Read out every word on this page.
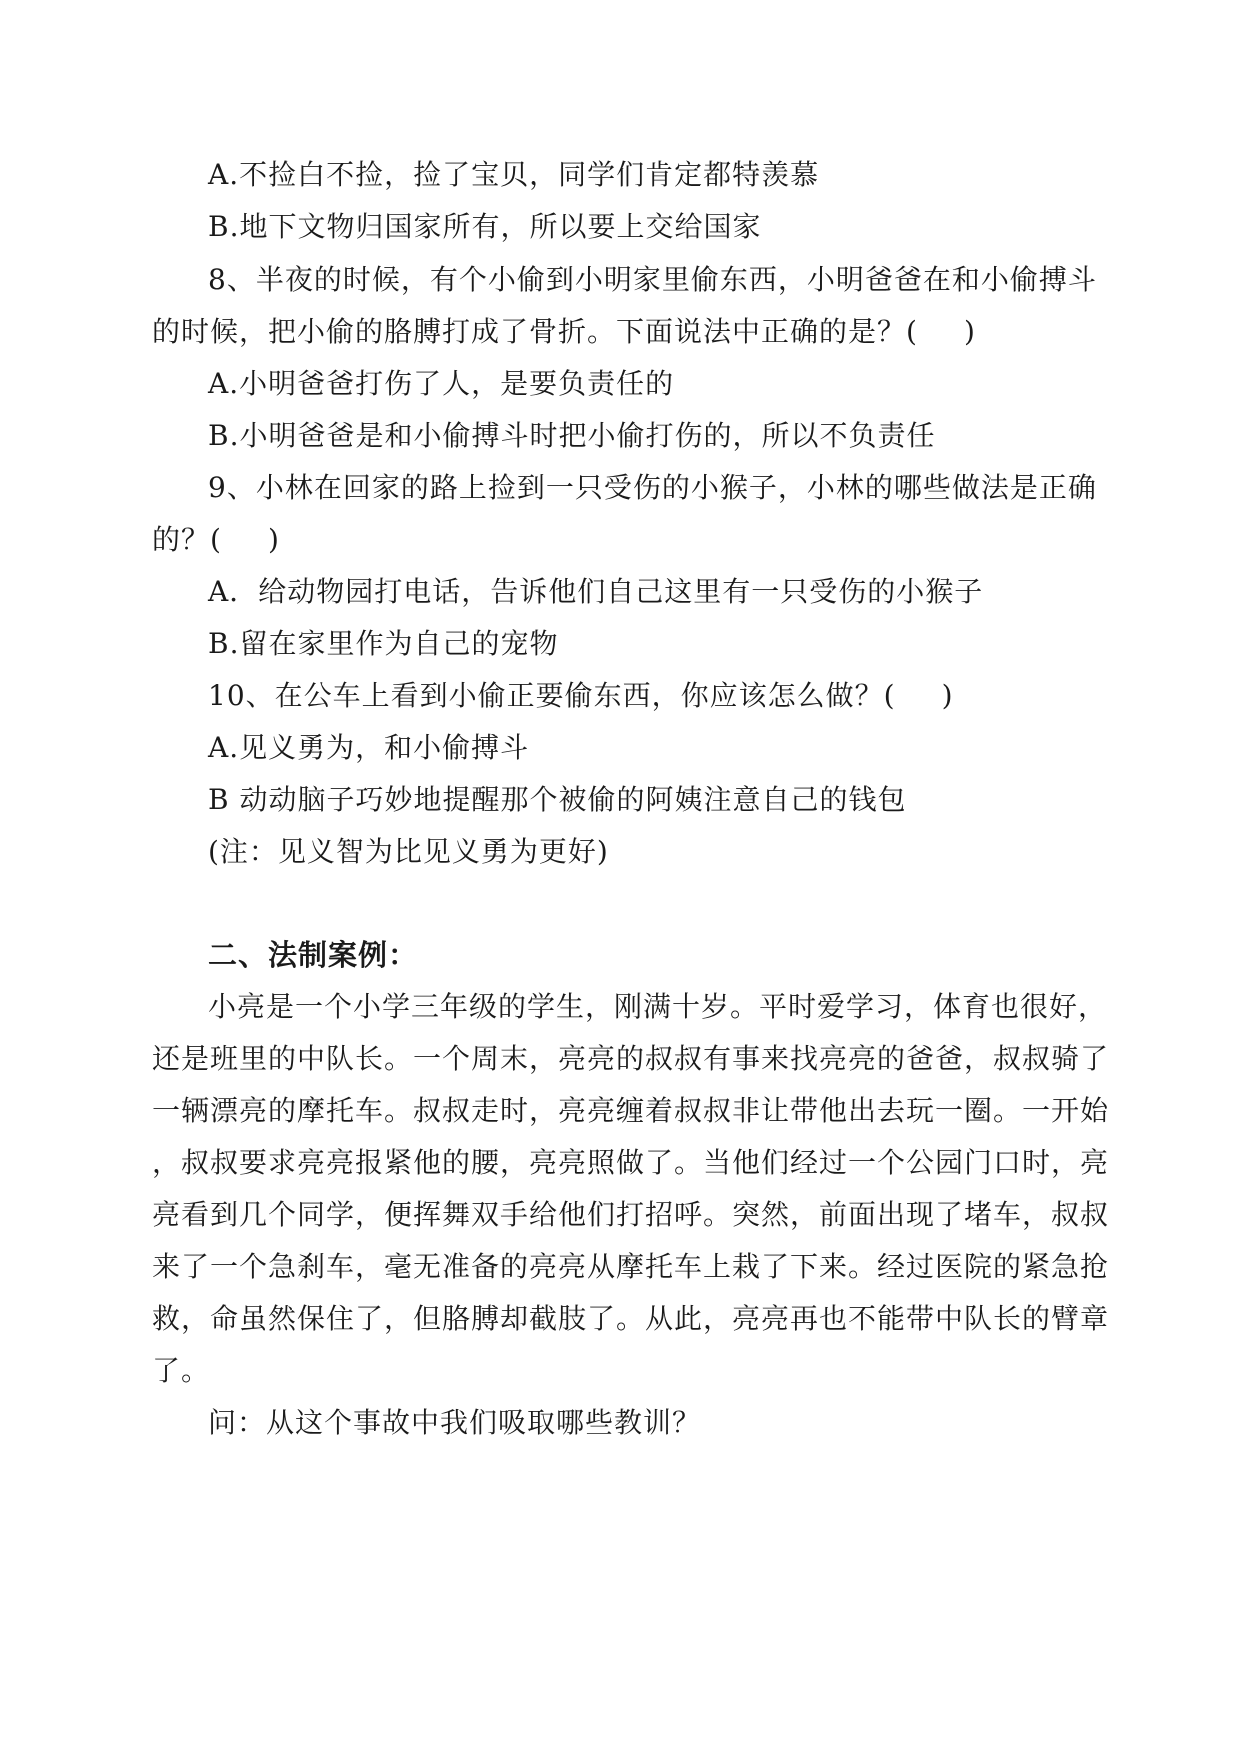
A.不捡白不捡，捡了宝贝，同学们肯定都特羡慕
B.地下文物归国家所有，所以要上交给国家
8、半夜的时候，有个小偷到小明家里偷东西，小明爸爸在和小偷搏斗
的时候，把小偷的胳膊打成了骨折。下面说法中正确的是？( )
A.小明爸爸打伤了人，是要负责任的
B.小明爸爸是和小偷搏斗时把小偷打伤的，所以不负责任
9、小林在回家的路上捡到一只受伤的小猴子，小林的哪些做法是正确
的？( )
A．给动物园打电话，告诉他们自己这里有一只受伤的小猴子
B.留在家里作为自己的宠物
10、在公车上看到小偷正要偷东西，你应该怎么做？( )
A.见义勇为，和小偷搏斗
B 动动脑子巧妙地提醒那个被偷的阿姨注意自己的钱包
(注：见义智为比见义勇为更好)
二、法制案例：
小亮是一个小学三年级的学生，刚满十岁。平时爱学习，体育也很好，
还是班里的中队长。一个周末，亮亮的叔叔有事来找亮亮的爸爸，叔叔骑了
一辆漂亮的摩托车。叔叔走时，亮亮缠着叔叔非让带他出去玩一圈。一开始
，叔叔要求亮亮报紧他的腰，亮亮照做了。当他们经过一个公园门口时，亮
亮看到几个同学，便挥舞双手给他们打招呼。突然，前面出现了堵车，叔叔
来了一个急刹车，毫无准备的亮亮从摩托车上栽了下来。经过医院的紧急抢
救，命虽然保住了，但胳膊却截肢了。从此，亮亮再也不能带中队长的臂章
了。
问：从这个事故中我们吸取哪些教训？
